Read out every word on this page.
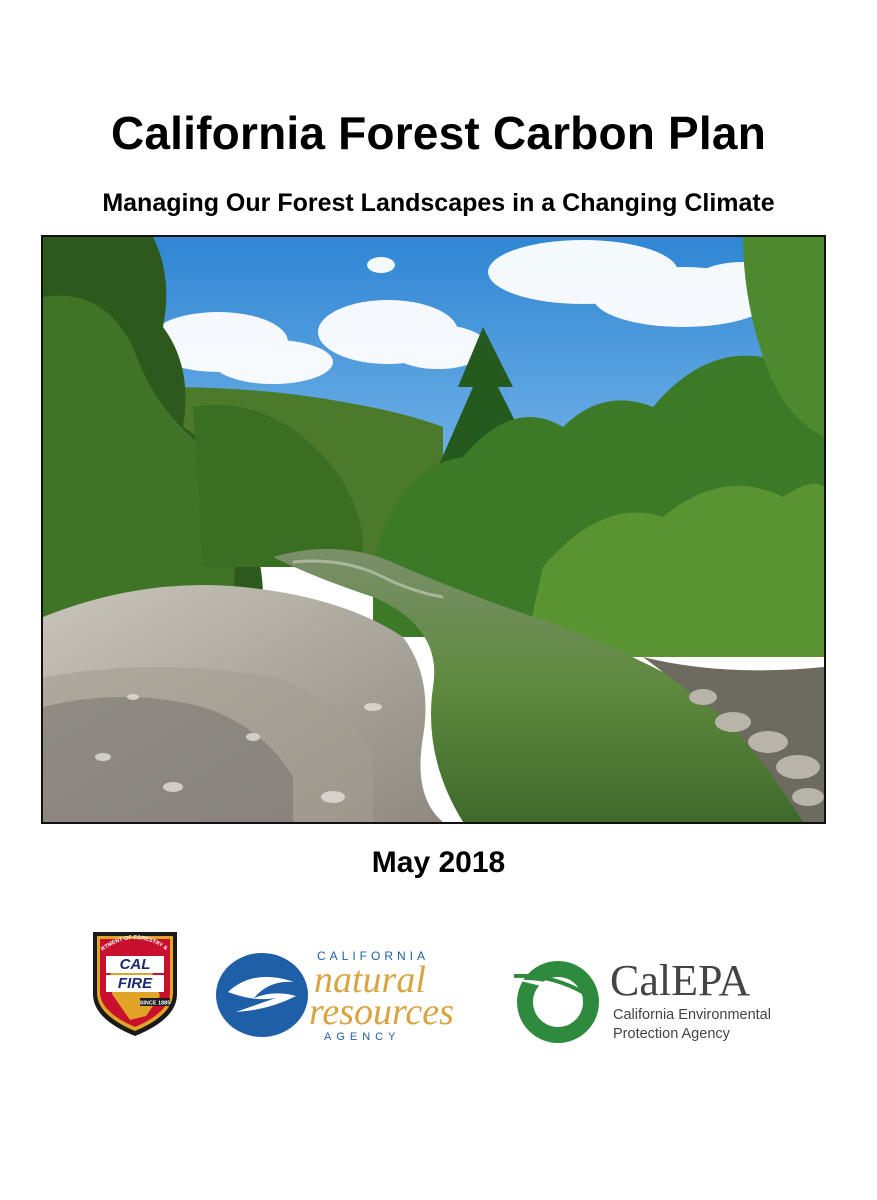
California Forest Carbon Plan
Managing Our Forest Landscapes in a Changing Climate
May 2018
RTMENT OF FORESTRY &
CAL
FIRE
SINCE 1885
CALIFORNIA
natural
resources
AGENCY
CalEPA
California Environmental
Protection Agency
